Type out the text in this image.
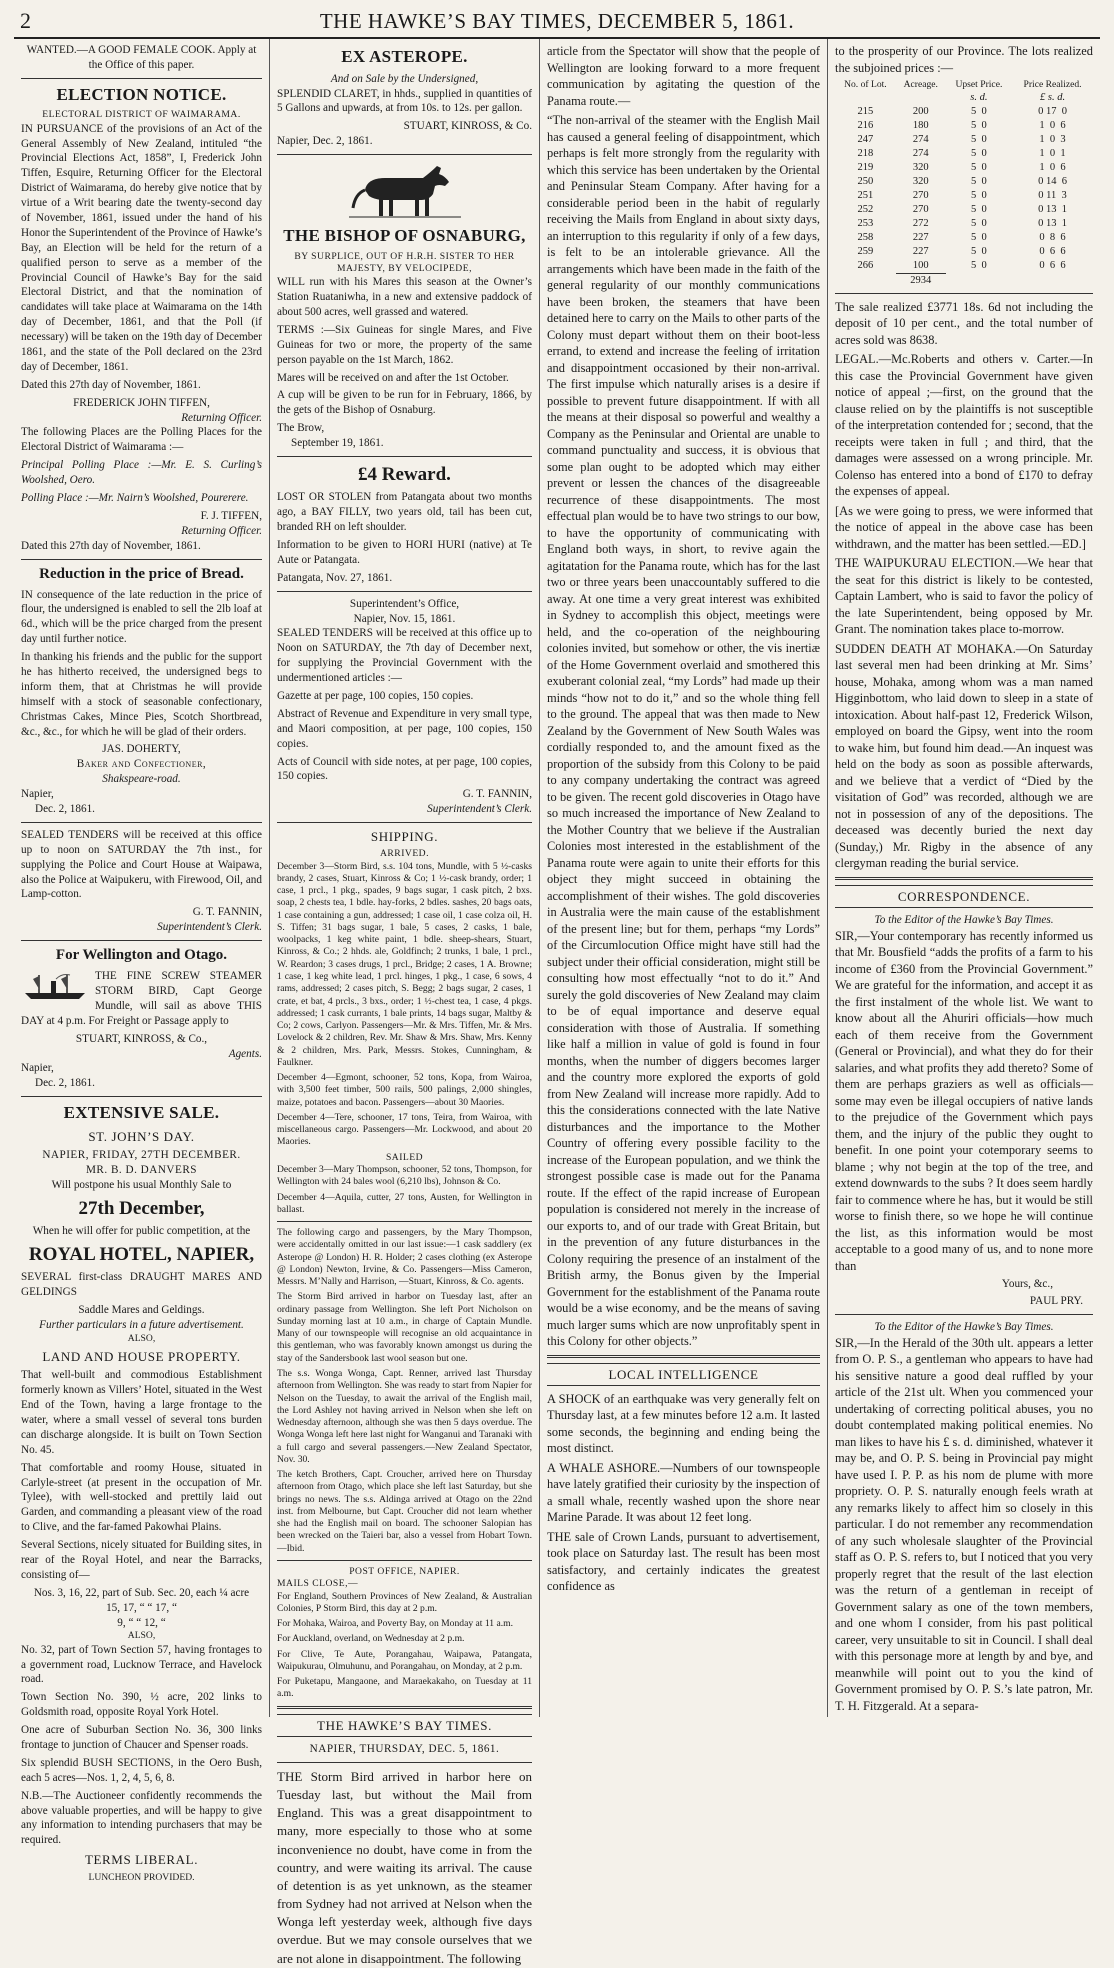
2	THE HAWKE’S BAY TIMES, DECEMBER 5, 1861.

WANTED.—A GOOD FEMALE COOK. Apply at the Office of this paper.

ELECTION NOTICE.
ELECTORAL DISTRICT OF WAIMARAMA.

IN PURSUANCE of the provisions of an Act of the General Assembly of New Zealand, intituled “the Provincial Elections Act, 1858”, I, Frederick John Tiffen, Esquire, Returning Officer for the Electoral District of Waimarama, do hereby give notice that by virtue of a Writ bearing date the twenty-second day of November, 1861, issued under the hand of his Honor the Superintendent of the Province of Hawke’s Bay, an Election will be held for the return of a qualified person to serve as a member of the Provincial Council of Hawke’s Bay for the said Electoral District, and that the nomination of candidates will take place at Waimarama on the 14th day of December, 1861, and that the Poll (if necessary) will be taken on the 19th day of December 1861, and the state of the Poll declared on the 23rd day of December, 1861.

Dated this 27th day of November, 1861.

FREDERICK JOHN TIFFEN,
Returning Officer.

The following Places are the Polling Places for the Electoral District of Waimarama :—

Principal Polling Place :—Mr. E. S. Curling’s Woolshed, Oero.

Polling Place :—Mr. Nairn’s Woolshed, Pourerere.

F. J. TIFFEN,
Returning Officer.

Dated this 27th day of November, 1861.

Reduction in the price of Bread.

IN consequence of the late reduction in the price of flour, the undersigned is enabled to sell the 2lb loaf at 6d., which will be the price charged from the present day until further notice.

In thanking his friends and the public for the support he has hitherto received, the undersigned begs to inform them, that at Christmas he will provide himself with a stock of seasonable confectionary, Christmas Cakes, Mince Pies, Scotch Shortbread, &c., &c., for which he will be glad of their orders.

JAS. DOHERTY,
Baker and Confectioner,
Shakspeare-road.
Napier,
Dec. 2, 1861.

SEALED TENDERS will be received at this office up to noon on SATURDAY the 7th inst., for supplying the Police and Court House at Waipawa, also the Police at Waipukeru, with Firewood, Oil, and Lamp-cotton.

G. T. FANNIN,
Superintendent’s Clerk.
For Wellington and Otago.

THE FINE SCREW STEAMER STORM BIRD, Capt George Mundle, will sail as above THIS DAY at 4 p.m. For Freight or Passage apply to

STUART, KINROSS, & Co.,
Agents.
Napier,
Dec. 2, 1861.
EXTENSIVE SALE.
ST. JOHN’S DAY.
NAPIER, FRIDAY, 27TH DECEMBER.
MR. B. D. DANVERS
Will postpone his usual Monthly Sale to
27th December,
When he will offer for public competition, at the
ROYAL HOTEL, NAPIER,

SEVERAL first-class DRAUGHT MARES AND GELDINGS

Saddle Mares and Geldings.
Further particulars in a future advertisement.
ALSO,
LAND AND HOUSE PROPERTY.

That well-built and commodious Establishment formerly known as Villers’ Hotel, situated in the West End of the Town, having a large frontage to the water, where a small vessel of several tons burden can discharge alongside. It is built on Town Section No. 45.

That comfortable and roomy House, situated in Carlyle-street (at present in the occupation of Mr. Tylee), with well-stocked and prettily laid out Garden, and commanding a pleasant view of the road to Clive, and the far-famed Pakowhai Plains.

Several Sections, nicely situated for Building sites, in rear of the Royal Hotel, and near the Barracks, consisting of—

Nos. 3, 16, 22, part of Sub. Sec. 20, each ¼ acre
15, 17, “ “ 17, “
9, “ “ 12, “
ALSO,

No. 32, part of Town Section 57, having frontages to a government road, Lucknow Terrace, and Havelock road.

Town Section No. 390, ½ acre, 202 links to Goldsmith road, opposite Royal York Hotel.

One acre of Suburban Section No. 36, 300 links frontage to junction of Chaucer and Spenser roads.

Six splendid BUSH SECTIONS, in the Oero Bush, each 5 acres—Nos. 1, 2, 4, 5, 6, 8.

N.B.—The Auctioneer confidently recommends the above valuable properties, and will be happy to give any information to intending purchasers that may be required.

TERMS LIBERAL.
LUNCHEON PROVIDED.
EX ASTEROPE.
And on Sale by the Undersigned,

SPLENDID CLARET, in hhds., supplied in quantities of 5 Gallons and upwards, at from 10s. to 12s. per gallon.

STUART, KINROSS, & Co.
Napier, Dec. 2, 1861.
THE BISHOP OF OSNABURG,
BY SURPLICE, OUT OF H.R.H. SISTER TO HER MAJESTY, BY VELOCIPEDE,

WILL run with his Mares this season at the Owner’s Station Ruataniwha, in a new and extensive paddock of about 500 acres, well grassed and watered.

TERMS :—Six Guineas for single Mares, and Five Guineas for two or more, the property of the same person payable on the 1st March, 1862.

Mares will be received on and after the 1st October.

A cup will be given to be run for in February, 1866, by the gets of the Bishop of Osnaburg.

The Brow,
September 19, 1861.
£4 Reward.

LOST OR STOLEN from Patangata about two months ago, a BAY FILLY, two years old, tail has been cut, branded RH on left shoulder.

Information to be given to HORI HURI (native) at Te Aute or Patangata.

Patangata, Nov. 27, 1861.
Superintendent’s Office,
Napier, Nov. 15, 1861.

SEALED TENDERS will be received at this office up to Noon on SATURDAY, the 7th day of December next, for supplying the Provincial Government with the undermentioned articles :—

Gazette at per page, 100 copies, 150 copies.

Abstract of Revenue and Expenditure in very small type, and Maori composition, at per page, 100 copies, 150 copies.

Acts of Council with side notes, at per page, 100 copies, 150 copies.

G. T. FANNIN,
Superintendent’s Clerk.
SHIPPING.
ARRIVED.

December 3—Storm Bird, s.s. 104 tons, Mundle, with 5 ½-casks brandy, 2 cases, Stuart, Kinross & Co; 1 ½-cask brandy, order; 1 case, 1 prcl., 1 pkg., spades, 9 bags sugar, 1 cask pitch, 2 bxs. soap, 2 chests tea, 1 bdle. hay-forks, 2 bdles. sashes, 20 bags oats, 1 case containing a gun, addressed; 1 case oil, 1 case colza oil, H. S. Tiffen; 31 bags sugar, 1 bale, 5 cases, 2 casks, 1 bale, woolpacks, 1 keg white paint, 1 bdle. sheep-shears, Stuart, Kinross, & Co.; 2 hhds. ale, Goldfinch; 2 trunks, 1 bale, 1 prcl., W. Reardon; 3 cases drugs, 1 prcl., Bridge; 2 cases, 1 A. Browne; 1 case, 1 keg white lead, 1 prcl. hinges, 1 pkg., 1 case, 6 sows, 4 rams, addressed; 2 cases pitch, S. Begg; 2 bags sugar, 2 cases, 1 crate, et bat, 4 prcls., 3 bxs., order; 1 ½-chest tea, 1 case, 4 pkgs. addressed; 1 cask currants, 1 bale prints, 14 bags sugar, Maltby & Co; 2 cows, Carlyon. Passengers—Mr. & Mrs. Tiffen, Mr. & Mrs. Lovelock & 2 children, Rev. Mr. Shaw & Mrs. Shaw, Mrs. Kenny & 2 children, Mrs. Park, Messrs. Stokes, Cunningham, & Faulkner.

December 4—Egmont, schooner, 52 tons, Kopa, from Wairoa, with 3,500 feet timber, 500 rails, 500 palings, 2,000 shingles, maize, potatoes and bacon. Passengers—about 30 Maories.

December 4—Tere, schooner, 17 tons, Teira, from Wairoa, with miscellaneous cargo. Passengers—Mr. Lockwood, and about 20 Maories.

SAILED

December 3—Mary Thompson, schooner, 52 tons, Thompson, for Wellington with 24 bales wool (6,210 lbs), Johnson & Co.

December 4—Aquila, cutter, 27 tons, Austen, for Wellington in ballast.

The following cargo and passengers, by the Mary Thompson, were accidentally omitted in our last issue:—1 cask saddlery (ex Asterope @ London) H. R. Holder; 2 cases clothing (ex Asterope @ London) Newton, Irvine, & Co. Passengers—Miss Cameron, Messrs. M’Nally and Harrison, —Stuart, Kinross, & Co. agents.

The Storm Bird arrived in harbor on Tuesday last, after an ordinary passage from Wellington. She left Port Nicholson on Sunday morning last at 10 a.m., in charge of Captain Mundle. Many of our townspeople will recognise an old acquaintance in this gentleman, who was favorably known amongst us during the stay of the Sandersbook last wool season but one.

The s.s. Wonga Wonga, Capt. Renner, arrived last Thursday afternoon from Wellington. She was ready to start from Napier for Nelson on the Tuesday, to await the arrival of the English mail, the Lord Ashley not having arrived in Nelson when she left on Wednesday afternoon, although she was then 5 days overdue. The Wonga Wonga left here last night for Wanganui and Taranaki with a full cargo and several passengers.—New Zealand Spectator, Nov. 30.

The ketch Brothers, Capt. Croucher, arrived here on Thursday afternoon from Otago, which place she left last Saturday, but she brings no news. The s.s. Aldinga arrived at Otago on the 22nd inst. from Melbourne, but Capt. Croucher did not learn whether she had the English mail on board. The schooner Salopian has been wrecked on the Taieri bar, also a vessel from Hobart Town.—Ibid.

POST OFFICE, NAPIER.
MAILS CLOSE,—

For England, Southern Provinces of New Zealand, & Australian Colonies, P Storm Bird, this day at 2 p.m.

For Mohaka, Wairoa, and Poverty Bay, on Monday at 11 a.m.

For Auckland, overland, on Wednesday at 2 p.m.

For Clive, Te Aute, Porangahau, Waipawa, Patangata, Waipukurau, Olmuhunu, and Porangahau, on Monday, at 2 p.m.

For Puketapu, Mangaone, and Maraekakaho, on Tuesday at 11 a.m.

THE HAWKE’S BAY TIMES.
NAPIER, THURSDAY, DEC. 5, 1861.

THE Storm Bird arrived in harbor here on Tuesday last, but without the Mail from England. This was a great disappointment to many, more especially to those who at some inconvenience no doubt, have come in from the country, and were waiting its arrival. The cause of detention is as yet unknown, as the steamer from Sydney had not arrived at Nelson when the Wonga left yesterday week, although five days overdue. But we may console ourselves that we are not alone in disappointment. The following

article from the Spectator will show that the people of Wellington are looking forward to a more frequent communication by agitating the question of the Panama route.—

“The non-arrival of the steamer with the English Mail has caused a general feeling of disappointment, which perhaps is felt more strongly from the regularity with which this service has been undertaken by the Oriental and Peninsular Steam Company. After having for a considerable period been in the habit of regularly receiving the Mails from England in about sixty days, an interruption to this regularity if only of a few days, is felt to be an intolerable grievance. All the arrangements which have been made in the faith of the general regularity of our monthly communications have been broken, the steamers that have been detained here to carry on the Mails to other parts of the Colony must depart without them on their boot-less errand, to extend and increase the feeling of irritation and disappointment occasioned by their non-arrival. The first impulse which naturally arises is a desire if possible to prevent future disappointment. If with all the means at their disposal so powerful and wealthy a Company as the Peninsular and Oriental are unable to command punctuality and success, it is obvious that some plan ought to be adopted which may either prevent or lessen the chances of the disagreeable recurrence of these disappointments. The most effectual plan would be to have two strings to our bow, to have the opportunity of communicating with England both ways, in short, to revive again the agitatation for the Panama route, which has for the last two or three years been unaccountably suffered to die away. At one time a very great interest was exhibited in Sydney to accomplish this object, meetings were held, and the co-operation of the neighbouring colonies invited, but somehow or other, the vis inertiæ of the Home Government overlaid and smothered this exuberant colonial zeal, “my Lords” had made up their minds “how not to do it,” and so the whole thing fell to the ground. The appeal that was then made to New Zealand by the Government of New South Wales was cordially responded to, and the amount fixed as the proportion of the subsidy from this Colony to be paid to any company undertaking the contract was agreed to be given. The recent gold discoveries in Otago have so much increased the importance of New Zealand to the Mother Country that we believe if the Australian Colonies most interested in the establishment of the Panama route were again to unite their efforts for this object they might succeed in obtaining the accomplishment of their wishes. The gold discoveries in Australia were the main cause of the establishment of the present line; but for them, perhaps “my Lords” of the Circumlocution Office might have still had the subject under their official consideration, might still be consulting how most effectually “not to do it.” And surely the gold discoveries of New Zealand may claim to be of equal importance and deserve equal consideration with those of Australia. If something like half a million in value of gold is found in four months, when the number of diggers becomes larger and the country more explored the exports of gold from New Zealand will increase more rapidly. Add to this the considerations connected with the late Native disturbances and the importance to the Mother Country of offering every possible facility to the increase of the European population, and we think the strongest possible case is made out for the Panama route. If the effect of the rapid increase of European population is considered not merely in the increase of our exports to, and of our trade with Great Britain, but in the prevention of any future disturbances in the Colony requiring the presence of an instalment of the British army, the Bonus given by the Imperial Government for the establishment of the Panama route would be a wise economy, and be the means of saving much larger sums which are now unprofitably spent in this Colony for other objects.”

LOCAL INTELLIGENCE

A SHOCK of an earthquake was very generally felt on Thursday last, at a few minutes before 12 a.m. It lasted some seconds, the beginning and ending being the most distinct.

A WHALE ASHORE.—Numbers of our townspeople have lately gratified their curiosity by the inspection of a small whale, recently washed upon the shore near Marine Parade. It was about 12 feet long.

THE sale of Crown Lands, pursuant to advertisement, took place on Saturday last. The result has been most satisfactory, and certainly indicates the greatest confidence as

to the prosperity of our Province. The lots realized the subjoined prices :—

No. of Lot.	Acreage.	Upset Price.	Price Realized.
		s. d.	£ s. d.
215	200	5  0	0 17  0
216	180	5  0	1  0  6
247	274	5  0	1  0  3
218	274	5  0	1  0  1
219	320	5  0	1  0  6
250	320	5  0	0 14  6
251	270	5  0	0 11  3
252	270	5  0	0 13  1
253	272	5  0	0 13  1
258	227	5  0	0  8  6
259	227	5  0	0  6  6
266	100	5  0	0  6  6
	2934		

The sale realized £3771 18s. 6d not including the deposit of 10 per cent., and the total number of acres sold was 8638.

LEGAL.—Mc.Roberts and others v. Carter.—In this case the Provincial Government have given notice of appeal ;—first, on the ground that the clause relied on by the plaintiffs is not susceptible of the interpretation contended for ; second, that the receipts were taken in full ; and third, that the damages were assessed on a wrong principle. Mr. Colenso has entered into a bond of £170 to defray the expenses of appeal.

[As we were going to press, we were informed that the notice of appeal in the above case has been withdrawn, and the matter has been settled.—ED.]

THE WAIPUKURAU ELECTION.—We hear that the seat for this district is likely to be contested, Captain Lambert, who is said to favor the policy of the late Superintendent, being opposed by Mr. Grant. The nomination takes place to-morrow.

SUDDEN DEATH AT MOHAKA.—On Saturday last several men had been drinking at Mr. Sims’ house, Mohaka, among whom was a man named Higginbottom, who laid down to sleep in a state of intoxication. About half-past 12, Frederick Wilson, employed on board the Gipsy, went into the room to wake him, but found him dead.—An inquest was held on the body as soon as possible afterwards, and we believe that a verdict of “Died by the visitation of God” was recorded, although we are not in possession of any of the depositions. The deceased was decently buried the next day (Sunday,) Mr. Rigby in the absence of any clergyman reading the burial service.

CORRESPONDENCE.
To the Editor of the Hawke’s Bay Times.

SIR,—Your contemporary has recently informed us that Mr. Bousfield “adds the profits of a farm to his income of £360 from the Provincial Government.” We are grateful for the information, and accept it as the first instalment of the whole list. We want to know about all the Ahuriri officials—how much each of them receive from the Government (General or Provincial), and what they do for their salaries, and what profits they add thereto? Some of them are perhaps graziers as well as officials—some may even be illegal occupiers of native lands to the prejudice of the Government which pays them, and the injury of the public they ought to benefit. In one point your cotemporary seems to blame ; why not begin at the top of the tree, and extend downwards to the subs ? It does seem hardly fair to commence where he has, but it would be still worse to finish there, so we hope he will continue the list, as this information would be most acceptable to a good many of us, and to none more than

Yours, &c.,
PAUL PRY.
To the Editor of the Hawke’s Bay Times.

SIR,—In the Herald of the 30th ult. appears a letter from O. P. S., a gentleman who appears to have had his sensitive nature a good deal ruffled by your article of the 21st ult. When you commenced your undertaking of correcting political abuses, you no doubt contemplated making political enemies. No man likes to have his £ s. d. diminished, whatever it may be, and O. P. S. being in Provincial pay might have used I. P. P. as his nom de plume with more propriety. O. P. S. naturally enough feels wrath at any remarks likely to affect him so closely in this particular. I do not remember any recommendation of any such wholesale slaughter of the Provincial staff as O. P. S. refers to, but I noticed that you very properly regret that the result of the last election was the return of a gentleman in receipt of Government salary as one of the town members, and one whom I consider, from his past political career, very unsuitable to sit in Council. I shall deal with this personage more at length by and bye, and meanwhile will point out to you the kind of Government promised by O. P. S.’s late patron, Mr. T. H. Fitzgerald. At a separa-
